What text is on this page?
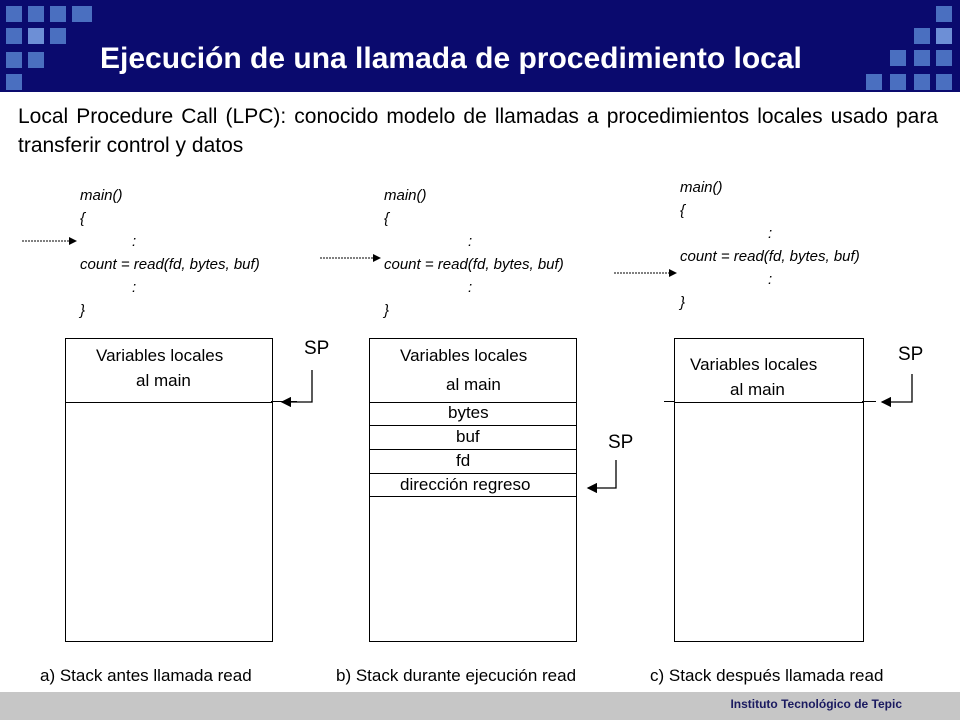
Ejecución de una llamada de procedimiento local
Local Procedure Call (LPC): conocido modelo de llamadas a procedimientos locales usado para transferir control y datos
main()
{
:
count = read(fd, bytes, buf)
:
}
main()
{
:
count = read(fd, bytes, buf)
:
}
main()
{
:
count = read(fd, bytes, buf)
:
}
Variables locales
al main
SP	Variables locales
al main
bytes
buf
fd
dirección regreso
SP
Variables locales
al main
SP
a) Stack antes llamada read	b) Stack durante ejecución read	c) Stack después llamada read
Instituto Tecnológico de Tepic
